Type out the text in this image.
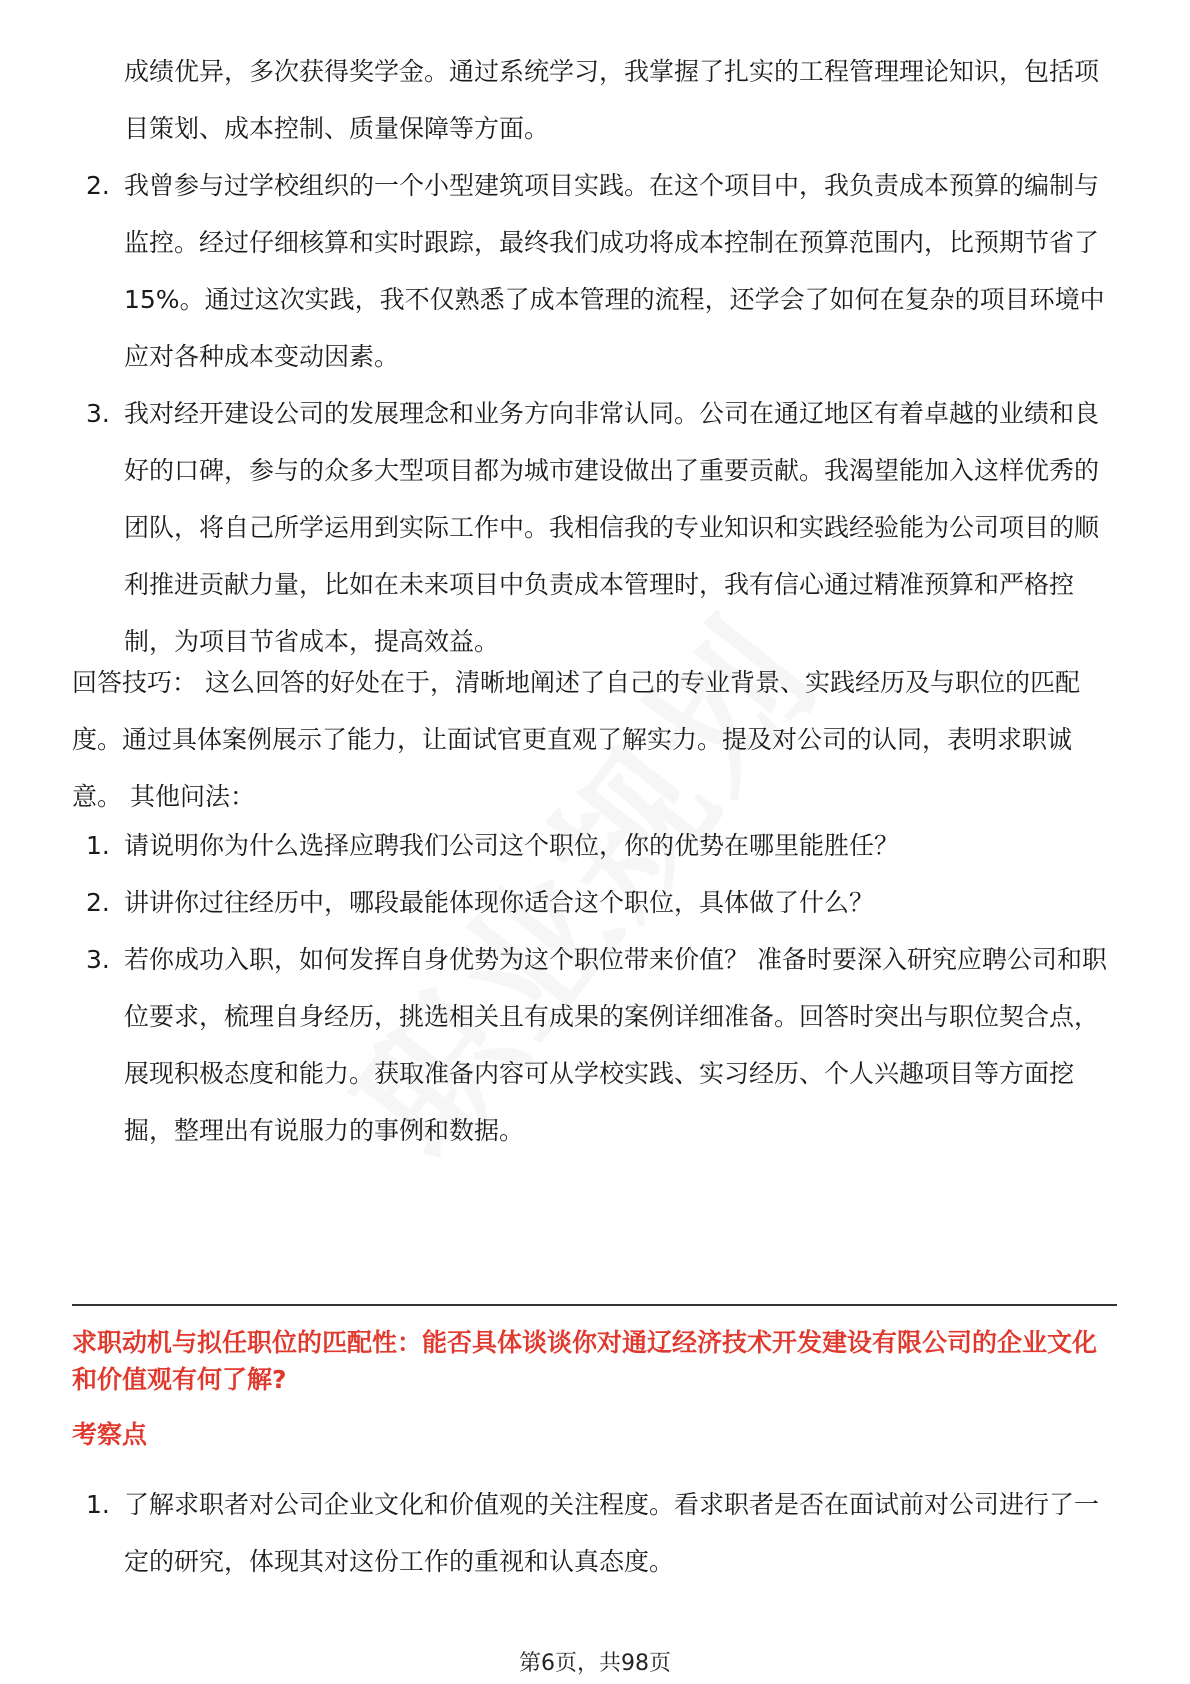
成绩优异，多次获得奖学金。通过系统学习，我掌握了扎实的工程管理理论知识，包括项目策划、成本控制、质量保障等方面。
2. 我曾参与过学校组织的一个小型建筑项目实践。在这个项目中，我负责成本预算的编制与监控。经过仔细核算和实时跟踪，最终我们成功将成本控制在预算范围内，比预期节省了 15%。通过这次实践，我不仅熟悉了成本管理的流程，还学会了如何在复杂的项目环境中应对各种成本变动因素。
3. 我对经开建设公司的发展理念和业务方向非常认同。公司在通辽地区有着卓越的业绩和良好的口碑，参与的众多大型项目都为城市建设做出了重要贡献。我渴望能加入这样优秀的团队，将自己所学运用到实际工作中。我相信我的专业知识和实践经验能为公司项目的顺利推进贡献力量，比如在未来项目中负责成本管理时，我有信心通过精准预算和严格控制，为项目节省成本，提高效益。
回答技巧： 这么回答的好处在于，清晰地阐述了自己的专业背景、实践经历及与职位的匹配度。通过具体案例展示了能力，让面试官更直观了解实力。提及对公司的认同，表明求职诚意。 其他问法：
1. 请说明你为什么选择应聘我们公司这个职位，你的优势在哪里能胜任？
2. 讲讲你过往经历中，哪段最能体现你适合这个职位，具体做了什么？
3. 若你成功入职，如何发挥自身优势为这个职位带来价值？ 准备时要深入研究应聘公司和职位要求，梳理自身经历，挑选相关且有成果的案例详细准备。回答时突出与职位契合点，展现积极态度和能力。获取准备内容可从学校实践、实习经历、个人兴趣项目等方面挖掘，整理出有说服力的事例和数据。
求职动机与拟任职位的匹配性：能否具体谈谈你对通辽经济技术开发建设有限公司的企业文化和价值观有何了解?
考察点
1. 了解求职者对公司企业文化和价值观的关注程度。看求职者是否在面试前对公司进行了一定的研究，体现其对这份工作的重视和认真态度。
第6页，共98页
